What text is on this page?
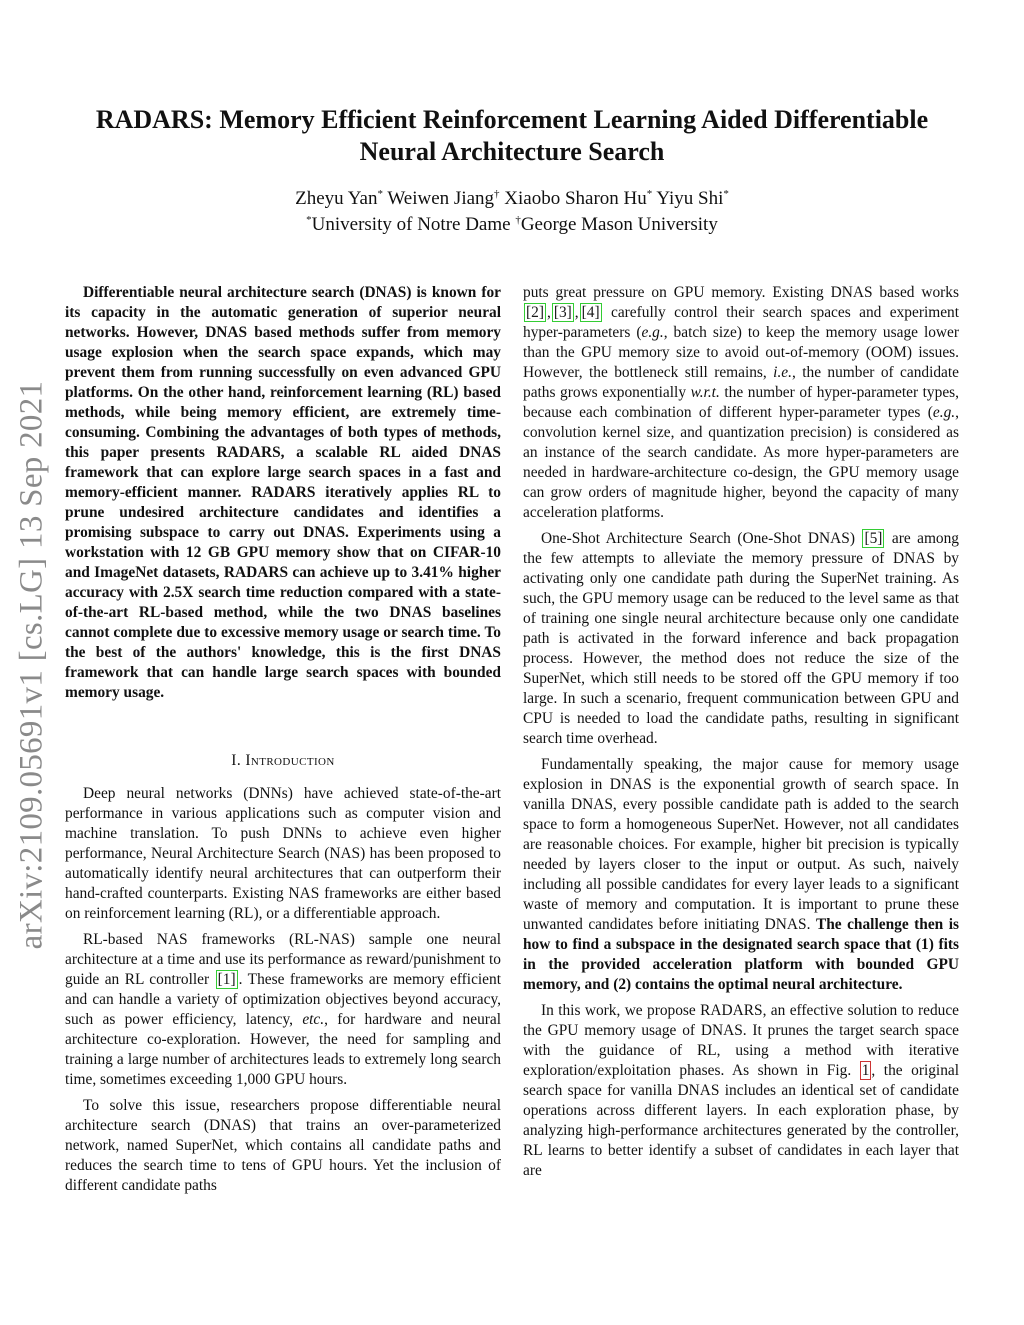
arXiv:2109.05691v1 [cs.LG] 13 Sep 2021
RADARS: Memory Efficient Reinforcement Learning Aided Differentiable
Neural Architecture Search
Zheyu Yan* Weiwen Jiang† Xiaobo Sharon Hu* Yiyu Shi*
*University of Notre Dame †George Mason University

Differentiable neural architecture search (DNAS) is known for its capacity in the automatic generation of superior neural networks. However, DNAS based methods suffer from memory usage explosion when the search space expands, which may prevent them from running successfully on even advanced GPU platforms. On the other hand, reinforcement learning (RL) based methods, while being memory efficient, are extremely time-consuming. Combining the advantages of both types of methods, this paper presents RADARS, a scalable RL aided DNAS framework that can explore large search spaces in a fast and memory-efficient manner. RADARS iteratively applies RL to prune undesired architecture candidates and identifies a promising subspace to carry out DNAS. Experiments using a workstation with 12 GB GPU memory show that on CIFAR-10 and ImageNet datasets, RADARS can achieve up to 3.41% higher accuracy with 2.5X search time reduction compared with a state-of-the-art RL-based method, while the two DNAS baselines cannot complete due to excessive memory usage or search time. To the best of the authors' knowledge, this is the first DNAS framework that can handle large search spaces with bounded memory usage.

I. Introduction

Deep neural networks (DNNs) have achieved state-of-the-art performance in various applications such as computer vision and machine translation. To push DNNs to achieve even higher performance, Neural Architecture Search (NAS) has been proposed to automatically identify neural architectures that can outperform their hand-crafted counterparts. Existing NAS frameworks are either based on reinforcement learning (RL), or a differentiable approach.

RL-based NAS frameworks (RL-NAS) sample one neural architecture at a time and use its performance as reward/punishment to guide an RL controller [1] . These frameworks are memory efficient and can handle a variety of optimization objectives beyond accuracy, such as power efficiency, latency, etc., for hardware and neural architecture co-exploration. However, the need for sampling and training a large number of architectures leads to extremely long search time, sometimes exceeding 1,000 GPU hours.

To solve this issue, researchers propose differentiable neural architecture search (DNAS) that trains an over-parameterized network, named SuperNet, which contains all candidate paths and reduces the search time to tens of GPU hours. Yet the inclusion of different candidate paths

puts great pressure on GPU memory. Existing DNAS based works [2] , [3] , [4] carefully control their search spaces and experiment hyper-parameters (e.g., batch size) to keep the memory usage lower than the GPU memory size to avoid out-of-memory (OOM) issues. However, the bottleneck still remains, i.e., the number of candidate paths grows exponentially w.r.t. the number of hyper-parameter types, because each combination of different hyper-parameter types (e.g., convolution kernel size, and quantization precision) is considered as an instance of the search candidate. As more hyper-parameters are needed in hardware-architecture co-design, the GPU memory usage can grow orders of magnitude higher, beyond the capacity of many acceleration platforms.

One-Shot Architecture Search (One-Shot DNAS) [5] are among the few attempts to alleviate the memory pressure of DNAS by activating only one candidate path during the SuperNet training. As such, the GPU memory usage can be reduced to the level same as that of training one single neural architecture because only one candidate path is activated in the forward inference and back propagation process. However, the method does not reduce the size of the SuperNet, which still needs to be stored off the GPU memory if too large. In such a scenario, frequent communication between GPU and CPU is needed to load the candidate paths, resulting in significant search time overhead.

Fundamentally speaking, the major cause for memory usage explosion in DNAS is the exponential growth of search space. In vanilla DNAS, every possible candidate path is added to the search space to form a homogeneous SuperNet. However, not all candidates are reasonable choices. For example, higher bit precision is typically needed by layers closer to the input or output. As such, naively including all possible candidates for every layer leads to a significant waste of memory and computation. It is important to prune these unwanted candidates before initiating DNAS. The challenge then is how to find a subspace in the designated search space that (1) fits in the provided acceleration platform with bounded GPU memory, and (2) contains the optimal neural architecture.

In this work, we propose RADARS, an effective solution to reduce the GPU memory usage of DNAS. It prunes the target search space with the guidance of RL, using a method with iterative exploration/exploitation phases. As shown in Fig. 1 , the original search space for vanilla DNAS includes an identical set of candidate operations across different layers. In each exploration phase, by analyzing high-performance architectures generated by the controller, RL learns to better identify a subset of candidates in each layer that are
